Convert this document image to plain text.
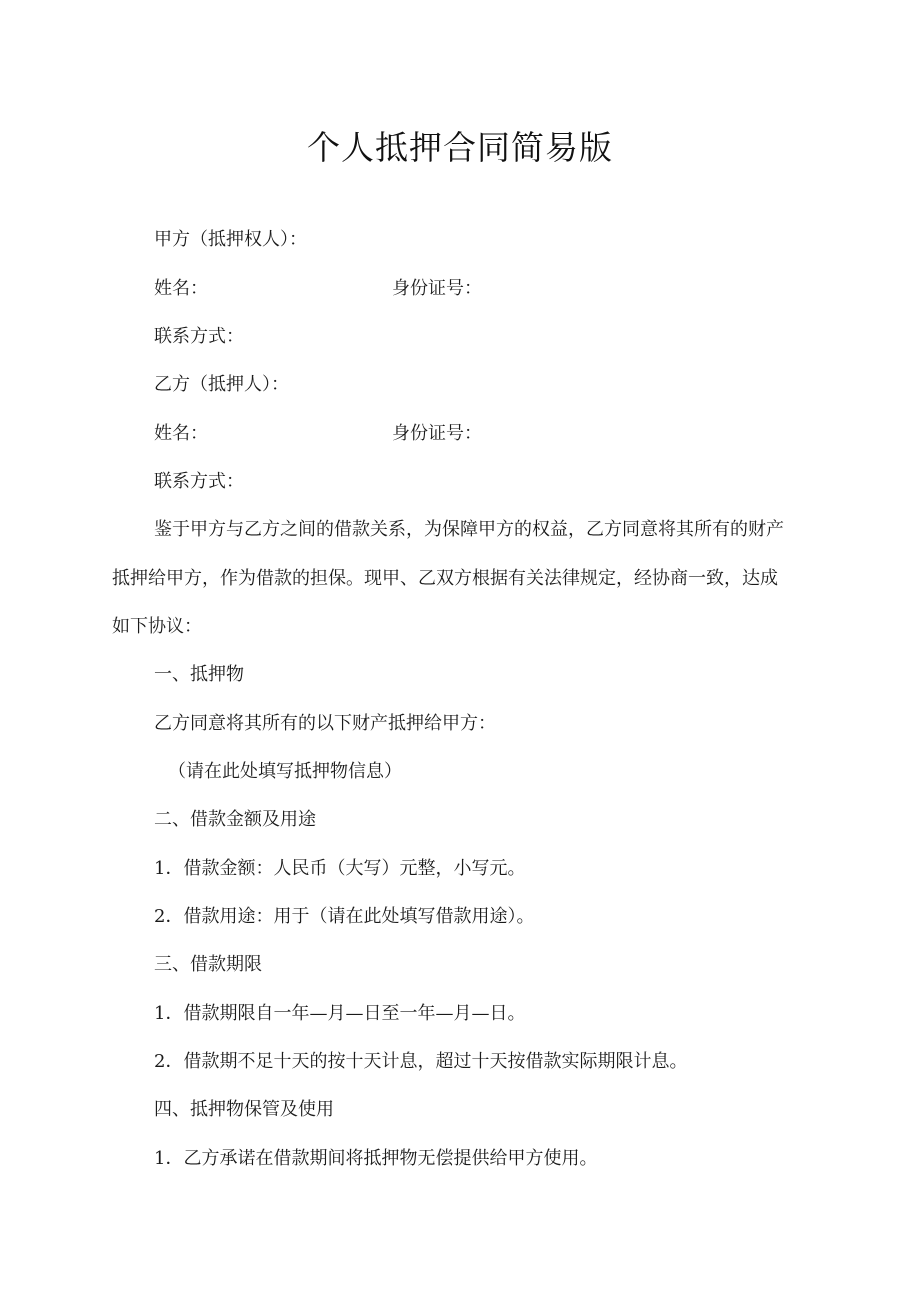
个人抵押合同简易版
甲方（抵押权人）：
姓名：	身份证号：
联系方式：
乙方（抵押人）：
姓名：	身份证号：
联系方式：
鉴于甲方与乙方之间的借款关系，为保障甲方的权益，乙方同意将其所有的财产
抵押给甲方，作为借款的担保。现甲、乙双方根据有关法律规定，经协商一致，达成
如下协议：
一、抵押物
乙方同意将其所有的以下财产抵押给甲方：
（请在此处填写抵押物信息）
二、借款金额及用途
1．借款金额：人民币（大写）元整，小写元。
2．借款用途：用于（请在此处填写借款用途）。
三、借款期限
1．借款期限自一年—月—日至一年—月—日。
2．借款期不足十天的按十天计息，超过十天按借款实际期限计息。
四、抵押物保管及使用
1．乙方承诺在借款期间将抵押物无偿提供给甲方使用。
